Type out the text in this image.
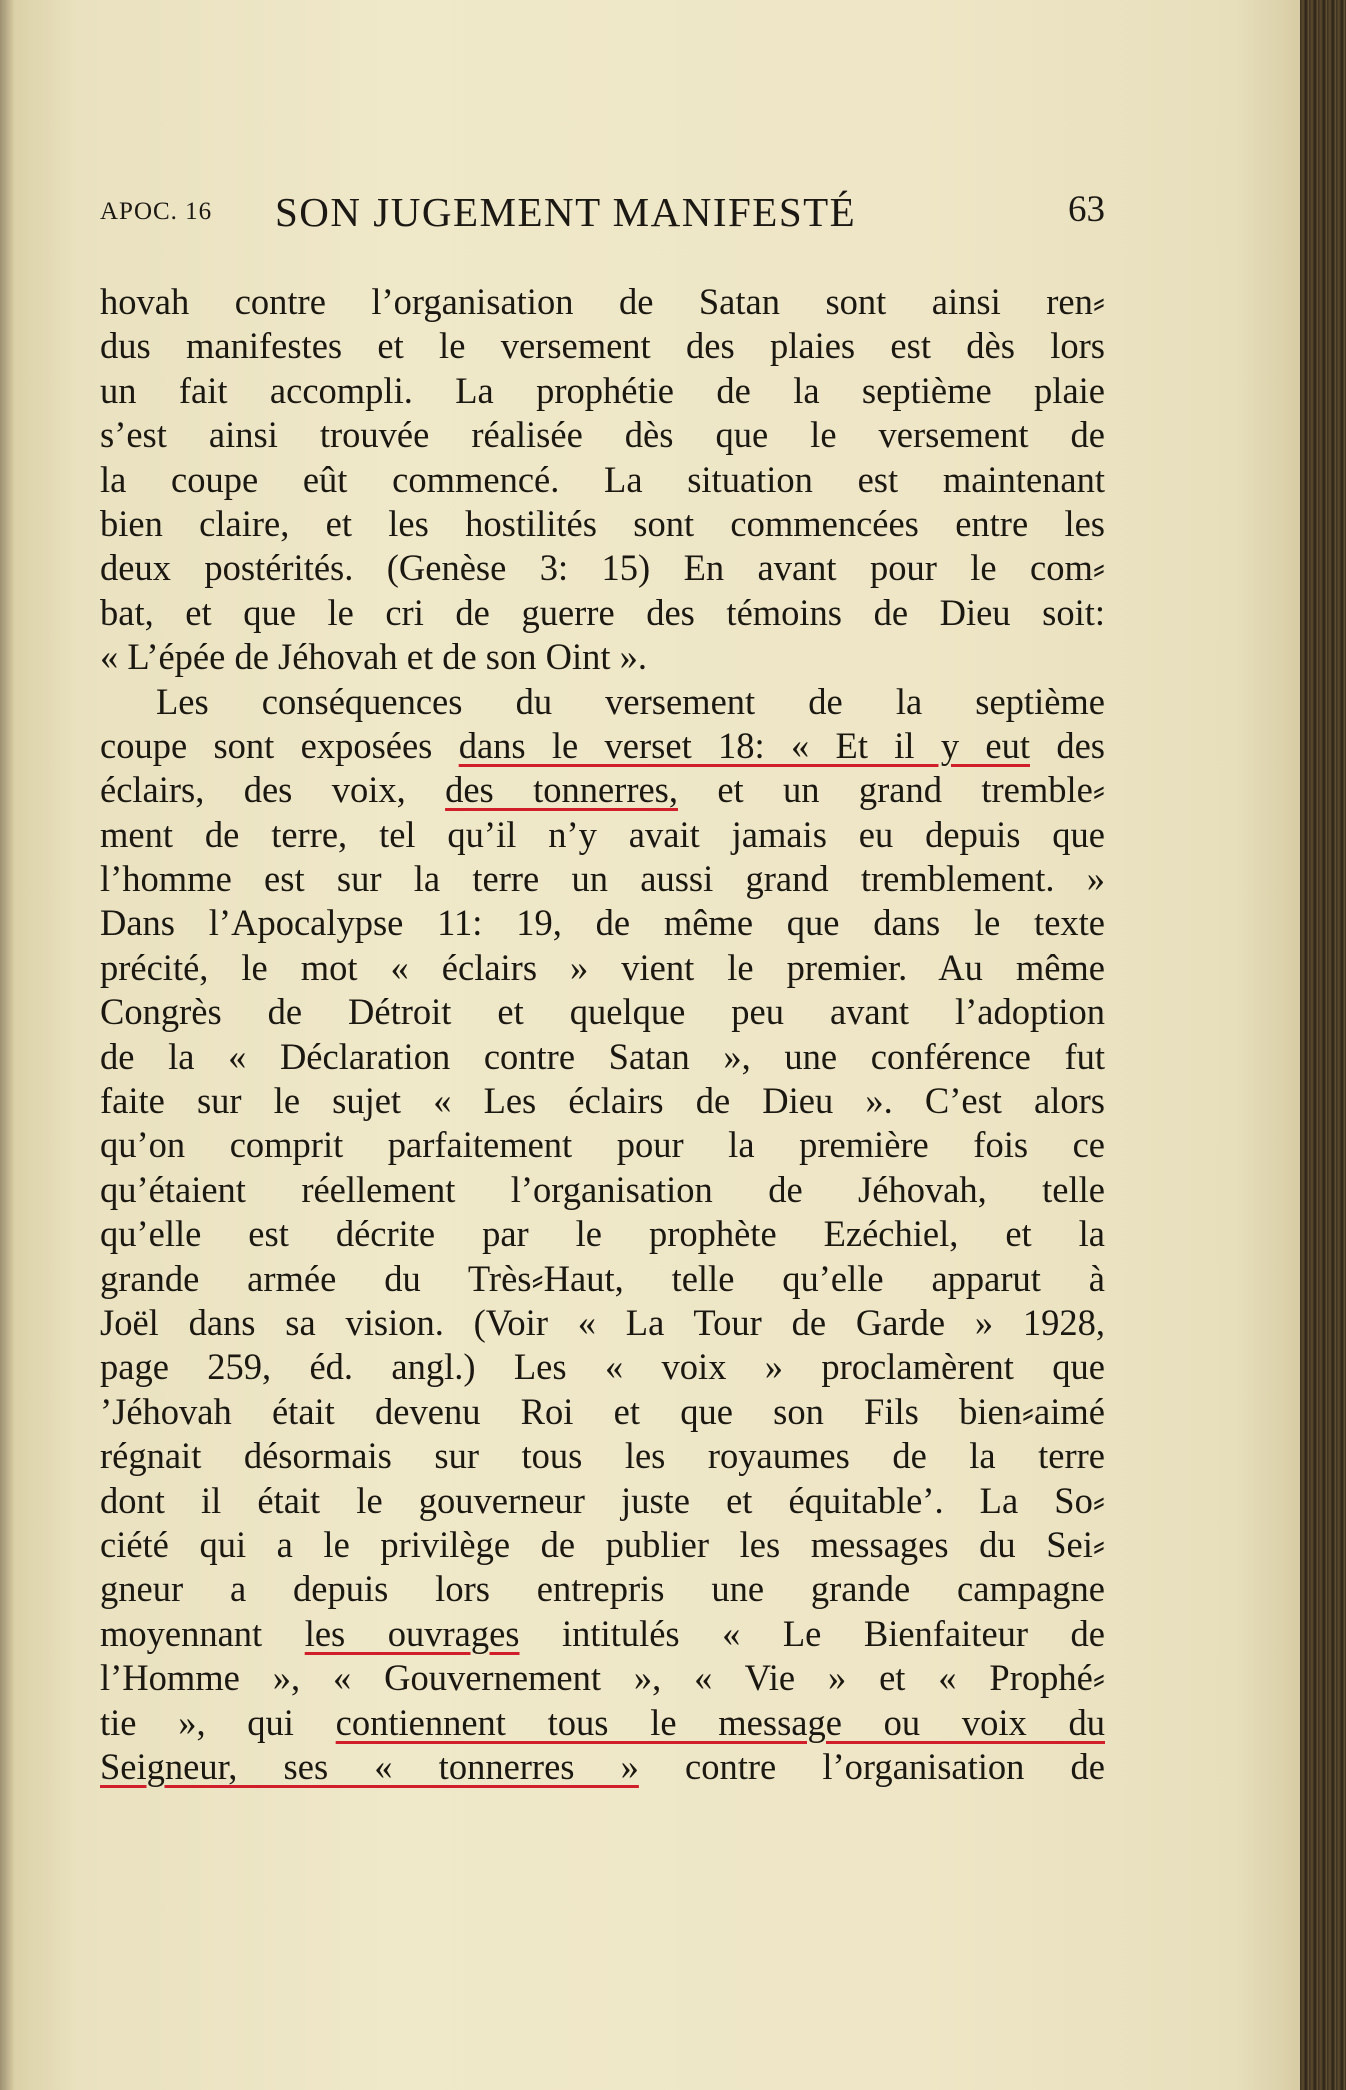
APOC. 16 SON JUGEMENT MANIFESTÉ	63
hovah contre l’organisation de Satan sont ainsi ren⸗
dus manifestes et le versement des plaies est dès lors
un fait accompli. La prophétie de la septième plaie
s’est ainsi trouvée réalisée dès que le versement de
la coupe eût commencé. La situation est maintenant
bien claire, et les hostilités sont commencées entre les
deux postérités. (Genèse 3: 15) En avant pour le com⸗
bat, et que le cri de guerre des témoins de Dieu soit:
« L’épée de Jéhovah et de son Oint ».
Les conséquences du versement de la septième
coupe sont exposées dans le verset 18: « Et il y eut des
éclairs, des voix, des tonnerres, et un grand tremble⸗
ment de terre, tel qu’il n’y avait jamais eu depuis que
l’homme est sur la terre un aussi grand tremblement. »
Dans l’Apocalypse 11: 19, de même que dans le texte
précité, le mot « éclairs » vient le premier. Au même
Congrès de Détroit et quelque peu avant l’adoption
de la « Déclaration contre Satan », une conférence fut
faite sur le sujet « Les éclairs de Dieu ». C’est alors
qu’on comprit parfaitement pour la première fois ce
qu’étaient réellement l’organisation de Jéhovah, telle
qu’elle est décrite par le prophète Ezéchiel, et la
grande armée du Très⸗Haut, telle qu’elle apparut à
Joël dans sa vision. (Voir « La Tour de Garde » 1928,
page 259, éd. angl.) Les « voix » proclamèrent que
’Jéhovah était devenu Roi et que son Fils bien⸗aimé
régnait désormais sur tous les royaumes de la terre
dont il était le gouverneur juste et équitable’. La So⸗
ciété qui a le privilège de publier les messages du Sei⸗
gneur a depuis lors entrepris une grande campagne
moyennant les ouvrages intitulés « Le Bienfaiteur de
l’Homme », « Gouvernement », « Vie » et « Prophé⸗
tie », qui contiennent tous le message ou voix du
Seigneur, ses « tonnerres » contre l’organisation de
